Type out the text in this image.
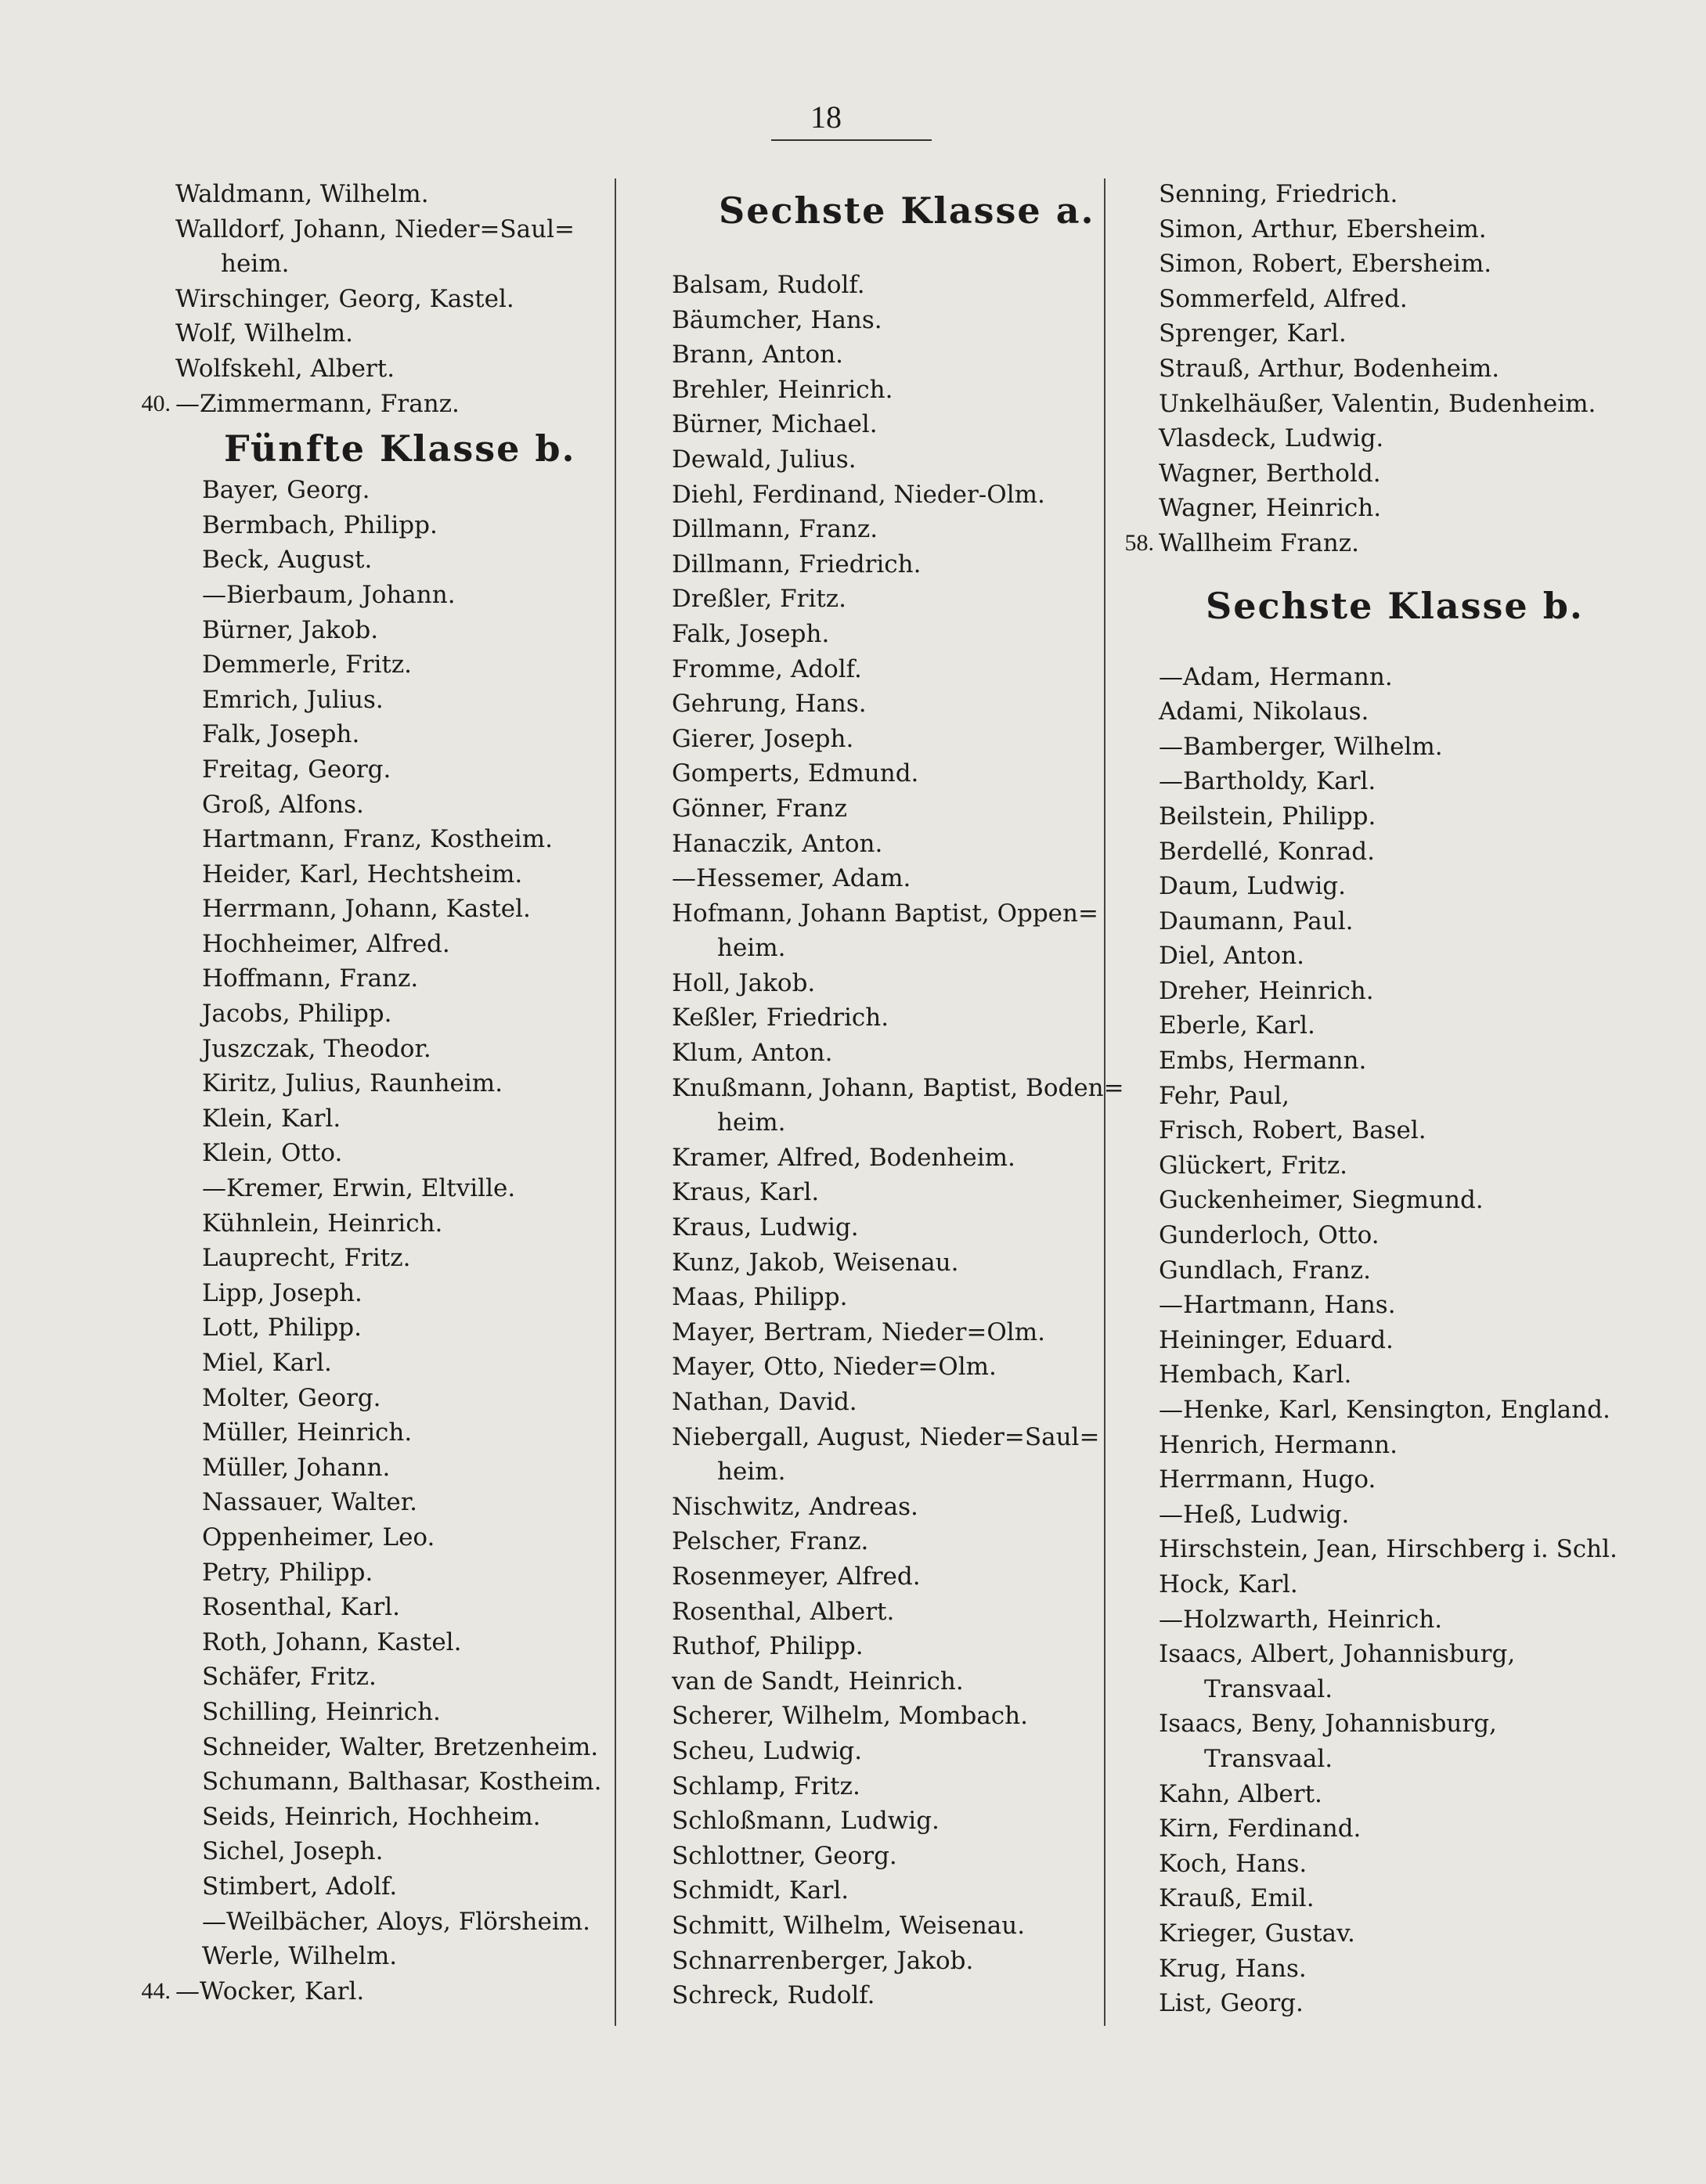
18
Waldmann, Wilhelm.
Walldorf, Johann, Nieder=Saul=
heim.
Wirschinger, Georg, Kastel.
Wolf, Wilhelm.
Wolfskehl, Albert.
40. —Zimmermann, Franz.
Fünfte Klasse b.
Bayer, Georg.
Bermbach, Philipp.
Beck, August.
—Bierbaum, Johann.
Bürner, Jakob.
Demmerle, Fritz.
Emrich, Julius.
Falk, Joseph.
Freitag, Georg.
Groß, Alfons.
Hartmann, Franz, Kostheim.
Heider, Karl, Hechtsheim.
Herrmann, Johann, Kastel.
Hochheimer, Alfred.
Hoffmann, Franz.
Jacobs, Philipp.
Juszczak, Theodor.
Kiritz, Julius, Raunheim.
Klein, Karl.
Klein, Otto.
—Kremer, Erwin, Eltville.
Kühnlein, Heinrich.
Lauprecht, Fritz.
Lipp, Joseph.
Lott, Philipp.
Miel, Karl.
Molter, Georg.
Müller, Heinrich.
Müller, Johann.
Nassauer, Walter.
Oppenheimer, Leo.
Petry, Philipp.
Rosenthal, Karl.
Roth, Johann, Kastel.
Schäfer, Fritz.
Schilling, Heinrich.
Schneider, Walter, Bretzenheim.
Schumann, Balthasar, Kostheim.
Seids, Heinrich, Hochheim.
Sichel, Joseph.
Stimbert, Adolf.
—Weilbächer, Aloys, Flörsheim.
Werle, Wilhelm.
44. —Wocker, Karl.
Sechste Klasse a.
Balsam, Rudolf.
Bäumcher, Hans.
Brann, Anton.
Brehler, Heinrich.
Bürner, Michael.
Dewald, Julius.
Diehl, Ferdinand, Nieder-Olm.
Dillmann, Franz.
Dillmann, Friedrich.
Dreßler, Fritz.
Falk, Joseph.
Fromme, Adolf.
Gehrung, Hans.
Gierer, Joseph.
Gomperts, Edmund.
Gönner, Franz
Hanaczik, Anton.
—Hessemer, Adam.
Hofmann, Johann Baptist, Oppen=
heim.
Holl, Jakob.
Keßler, Friedrich.
Klum, Anton.
Knußmann, Johann, Baptist, Boden=
heim.
Kramer, Alfred, Bodenheim.
Kraus, Karl.
Kraus, Ludwig.
Kunz, Jakob, Weisenau.
Maas, Philipp.
Mayer, Bertram, Nieder=Olm.
Mayer, Otto, Nieder=Olm.
Nathan, David.
Niebergall, August, Nieder=Saul=
heim.
Nischwitz, Andreas.
Pelscher, Franz.
Rosenmeyer, Alfred.
Rosenthal, Albert.
Ruthof, Philipp.
van de Sandt, Heinrich.
Scherer, Wilhelm, Mombach.
Scheu, Ludwig.
Schlamp, Fritz.
Schloßmann, Ludwig.
Schlottner, Georg.
Schmidt, Karl.
Schmitt, Wilhelm, Weisenau.
Schnarrenberger, Jakob.
Schreck, Rudolf.
Senning, Friedrich.
Simon, Arthur, Ebersheim.
Simon, Robert, Ebersheim.
Sommerfeld, Alfred.
Sprenger, Karl.
Strauß, Arthur, Bodenheim.
Unkelhäußer, Valentin, Budenheim.
Vlasdeck, Ludwig.
Wagner, Berthold.
Wagner, Heinrich.
58. Wallheim Franz.
Sechste Klasse b.
—Adam, Hermann.
Adami, Nikolaus.
—Bamberger, Wilhelm.
—Bartholdy, Karl.
Beilstein, Philipp.
Berdellé, Konrad.
Daum, Ludwig.
Daumann, Paul.
Diel, Anton.
Dreher, Heinrich.
Eberle, Karl.
Embs, Hermann.
Fehr, Paul,
Frisch, Robert, Basel.
Glückert, Fritz.
Guckenheimer, Siegmund.
Gunderloch, Otto.
Gundlach, Franz.
—Hartmann, Hans.
Heininger, Eduard.
Hembach, Karl.
—Henke, Karl, Kensington, England.
Henrich, Hermann.
Herrmann, Hugo.
—Heß, Ludwig.
Hirschstein, Jean, Hirschberg i. Schl.
Hock, Karl.
—Holzwarth, Heinrich.
Isaacs, Albert, Johannisburg,
Transvaal.
Isaacs, Beny, Johannisburg,
Transvaal.
Kahn, Albert.
Kirn, Ferdinand.
Koch, Hans.
Krauß, Emil.
Krieger, Gustav.
Krug, Hans.
List, Georg.
